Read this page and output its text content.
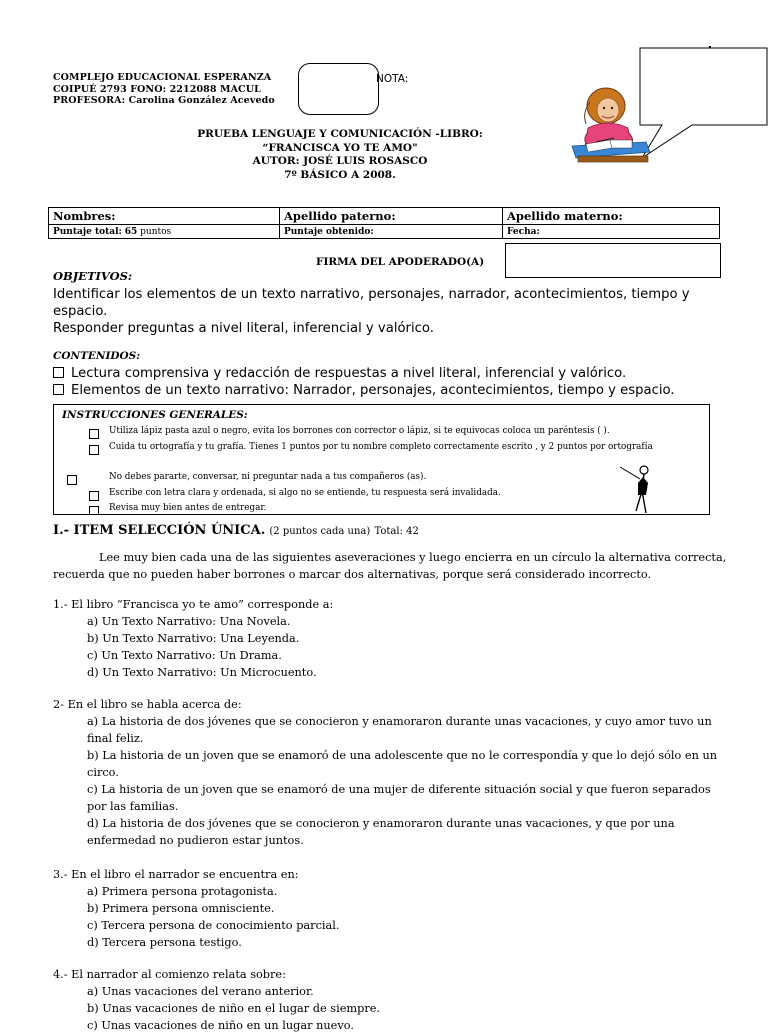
COMPLEJO EDUCACIONAL ESPERANZA
COIPUÉ 2793 FONO: 2212088 MACUL
PROFESORA: Carolina González Acevedo
NOTA:
PRUEBA LENGUAJE Y COMUNICACIÓN -LIBRO:
“FRANCISCA YO TE AMO"
AUTOR: JOSÉ LUIS ROSASCO
7º BÁSICO A 2008.
Nombres:	Apellido paterno:	Apellido materno:
Puntaje total: 65 puntos	Puntaje obtenido:	Fecha:
FIRMA DEL APODERADO(A)
OBJETIVOS:
Identificar los elementos de un texto narrativo, personajes, narrador, acontecimientos, tiempo y espacio.
Responder preguntas a nivel literal, inferencial y valórico.
CONTENIDOS:
Lectura comprensiva y redacción de respuestas a nivel literal, inferencial y valórico.
Elementos de un texto narrativo: Narrador, personajes, acontecimientos, tiempo y espacio.
INSTRUCCIONES GENERALES:
Utiliza lápiz pasta azul o negro, evita los borrones con corrector o lápiz, si te equivocas coloca un paréntesis ( ).
Cuida tu ortografía y tu grafía. Tienes 1 puntos por tu nombre completo correctamente escrito , y 2 puntos por ortografía
No debes pararte, conversar, ni preguntar nada a tus compañeros (as).
Escribe con letra clara y ordenada, si algo no se entiende, tu respuesta será invalidada.
Revisa muy bien antes de entregar.
I.- ITEM SELECCIÓN ÚNICA. (2 puntos cada una) Total: 42
Lee muy bien cada una de las siguientes aseveraciones y luego encierra en un círculo la alternativa correcta, recuerda que no pueden haber borrones o marcar dos alternativas, porque será considerado incorrecto.
1.- El libro “Francisca yo te amo” corresponde a:
a) Un Texto Narrativo: Una Novela.
b) Un Texto Narrativo: Una Leyenda.
c) Un Texto Narrativo: Un Drama.
d) Un Texto Narrativo: Un Microcuento.
2- En el libro se habla acerca de:
a) La historia de dos jóvenes que se conocieron y enamoraron durante unas vacaciones, y cuyo amor tuvo un final feliz.
b) La historia de un joven que se enamoró de una adolescente que no le correspondía y que lo dejó sólo en un circo.
c) La historia de un joven que se enamoró de una mujer de diferente situación social y que fueron separados por las familias.
d) La historia de dos jóvenes que se conocieron y enamoraron durante unas vacaciones, y que por una enfermedad no pudieron estar juntos.
3.- En el libro el narrador se encuentra en:
a) Primera persona protagonista.
b) Primera persona omnisciente.
c) Tercera persona de conocimiento parcial.
d) Tercera persona testigo.
4.- El narrador al comienzo relata sobre:
a) Unas vacaciones del verano anterior.
b) Unas vacaciones de niño en el lugar de siempre.
c) Unas vacaciones de niño en un lugar nuevo.
